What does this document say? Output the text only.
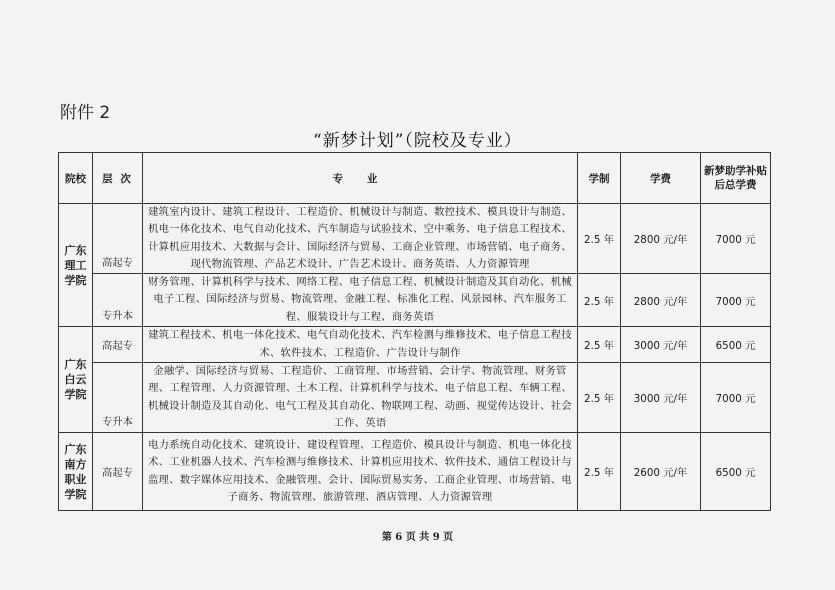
附件 2
“新梦计划”（院校及专业）
院校	层 次	专 业	学制	学费	新梦助学补贴后总学费
广东理工学院	高起专	建筑室内设计、建筑工程设计、工程造价、机械设计与制造、数控技术、模具设计与制造、机电一体化技术、电气自动化技术、汽车制造与试验技术、空中乘务、电子信息工程技术、计算机应用技术、大数据与会计、国际经济与贸易、工商企业管理、市场营销、电子商务、现代物流管理、产品艺术设计、广告艺术设计、商务英语、人力资源管理	2.5 年	2800 元/年	7000 元
	专升本	财务管理、计算机科学与技术、网络工程、电子信息工程、机械设计制造及其自动化、机械电子工程、国际经济与贸易、物流管理、金融工程、标准化工程、风景园林、汽车服务工程、服装设计与工程、商务英语	2.5 年	2800 元/年	7000 元
广东白云学院	高起专	建筑工程技术、机电一体化技术、电气自动化技术、汽车检测与维修技术、电子信息工程技术、软件技术、工程造价、广告设计与制作	2.5 年	3000 元/年	6500 元
	专升本	金融学、国际经济与贸易、工程造价、工商管理、市场营销、会计学、物流管理、财务管理、工程管理、人力资源管理、土木工程、计算机科学与技术、电子信息工程、车辆工程、机械设计制造及其自动化、电气工程及其自动化、物联网工程、动画、视觉传达设计、社会工作、英语	2.5 年	3000 元/年	7000 元
广东南方职业学院	高起专	电力系统自动化技术、建筑设计、建设程管理、工程造价、模具设计与制造、机电一体化技术、工业机器人技术、汽车检测与维修技术、计算机应用技术、软件技术、通信工程设计与监理、数字媒体应用技术、金融管理、会计、国际贸易实务、工商企业管理、市场营销、电子商务、物流管理、旅游管理、酒店管理、人力资源管理	2.5 年	2600 元/年	6500 元
第 6 页 共 9 页
